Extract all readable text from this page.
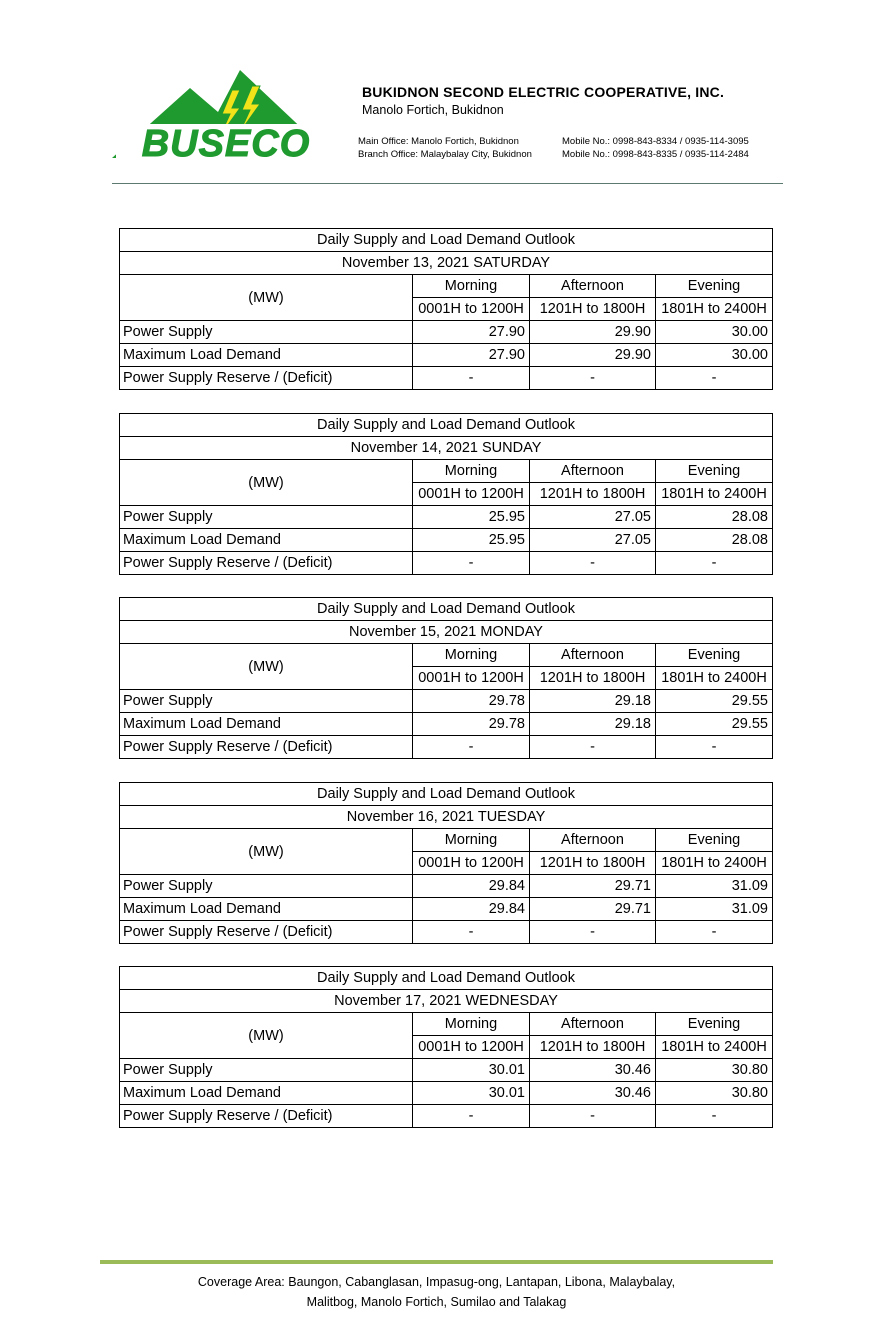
BUSECO
BUKIDNON SECOND ELECTRIC COOPERATIVE, INC.
Manolo Fortich, Bukidnon
Main Office: Manolo Fortich, Bukidnon	Mobile No.: 0998-843-8334 / 0935-114-3095
Branch Office: Malaybalay City, Bukidnon	Mobile No.: 0998-843-8335 / 0935-114-2484
Daily Supply and Load Demand Outlook			
November 13, 2021 SATURDAY			
(MW)	Morning	Afternoon	Evening
	0001H to 1200H	1201H to 1800H	1801H to 2400H
Power Supply	27.90	29.90	30.00
Maximum Load Demand	27.90	29.90	30.00
Power Supply Reserve / (Deficit)	-	-	-
Daily Supply and Load Demand Outlook			
November 14, 2021 SUNDAY			
(MW)	Morning	Afternoon	Evening
	0001H to 1200H	1201H to 1800H	1801H to 2400H
Power Supply	25.95	27.05	28.08
Maximum Load Demand	25.95	27.05	28.08
Power Supply Reserve / (Deficit)	-	-	-
Daily Supply and Load Demand Outlook			
November 15, 2021 MONDAY			
(MW)	Morning	Afternoon	Evening
	0001H to 1200H	1201H to 1800H	1801H to 2400H
Power Supply	29.78	29.18	29.55
Maximum Load Demand	29.78	29.18	29.55
Power Supply Reserve / (Deficit)	-	-	-
Daily Supply and Load Demand Outlook			
November 16, 2021 TUESDAY			
(MW)	Morning	Afternoon	Evening
	0001H to 1200H	1201H to 1800H	1801H to 2400H
Power Supply	29.84	29.71	31.09
Maximum Load Demand	29.84	29.71	31.09
Power Supply Reserve / (Deficit)	-	-	-
Daily Supply and Load Demand Outlook			
November 17, 2021 WEDNESDAY			
(MW)	Morning	Afternoon	Evening
	0001H to 1200H	1201H to 1800H	1801H to 2400H
Power Supply	30.01	30.46	30.80
Maximum Load Demand	30.01	30.46	30.80
Power Supply Reserve / (Deficit)	-	-	-
Coverage Area: Baungon, Cabanglasan, Impasug-ong, Lantapan, Libona, Malaybalay,
Malitbog, Manolo Fortich, Sumilao and Talakag
